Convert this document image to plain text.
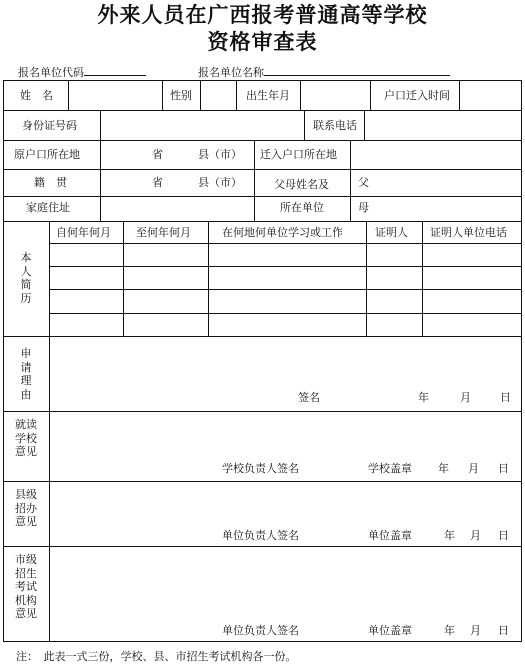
外来人员在广西报考普通高等学校
资格审查表
报名单位代码	报名单位名称
姓　名	性别	出生年月	户口迁入时间
身份证号码	联系电话
原户口所在地	省	县（市） 迁入户口所在地
籍　贯	省	县（市）	父母姓名及	父
家庭住址	所在单位	母
本人简历
自何年何月 至何年何月	在何地何单位学习或工作	证明人 证明人单位电话
申请理由	签名	年	月	日
就读学校意见
学校负责人签名	学校盖章 年 月 日
县级招办意见
单位负责人签名	单位盖章	年 月 日
市级招生考试机构意见
单位负责人签名	单位盖章	年 月 日
注：　此表一式三份，学校、县、市招生考试机构各一份。
